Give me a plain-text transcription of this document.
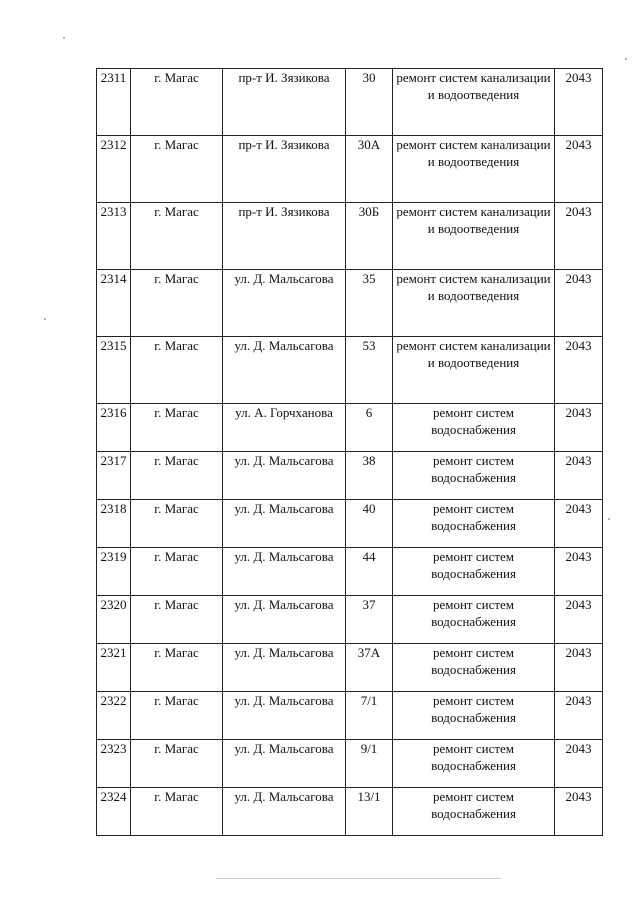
2311	г. Магас	пр-т И. Зязикова	30	ремонт систем канализации и водоотведения	2043
2312	г. Магас	пр-т И. Зязикова	30А	ремонт систем канализации и водоотведения	2043
2313	г. Магас	пр-т И. Зязикова	30Б	ремонт систем канализации и водоотведения	2043
2314	г. Магас	ул. Д. Мальсагова	35	ремонт систем канализации и водоотведения	2043
2315	г. Магас	ул. Д. Мальсагова	53	ремонт систем канализации и водоотведения	2043
2316	г. Магас	ул. А. Горчханова	6	ремонт систем водоснабжения	2043
2317	г. Магас	ул. Д. Мальсагова	38	ремонт систем водоснабжения	2043
2318	г. Магас	ул. Д. Мальсагова	40	ремонт систем водоснабжения	2043
2319	г. Магас	ул. Д. Мальсагова	44	ремонт систем водоснабжения	2043
2320	г. Магас	ул. Д. Мальсагова	37	ремонт систем водоснабжения	2043
2321	г. Магас	ул. Д. Мальсагова	37А	ремонт систем водоснабжения	2043
2322	г. Магас	ул. Д. Мальсагова	7/1	ремонт систем водоснабжения	2043
2323	г. Магас	ул. Д. Мальсагова	9/1	ремонт систем водоснабжения	2043
2324	г. Магас	ул. Д. Мальсагова	13/1	ремонт систем водоснабжения	2043
